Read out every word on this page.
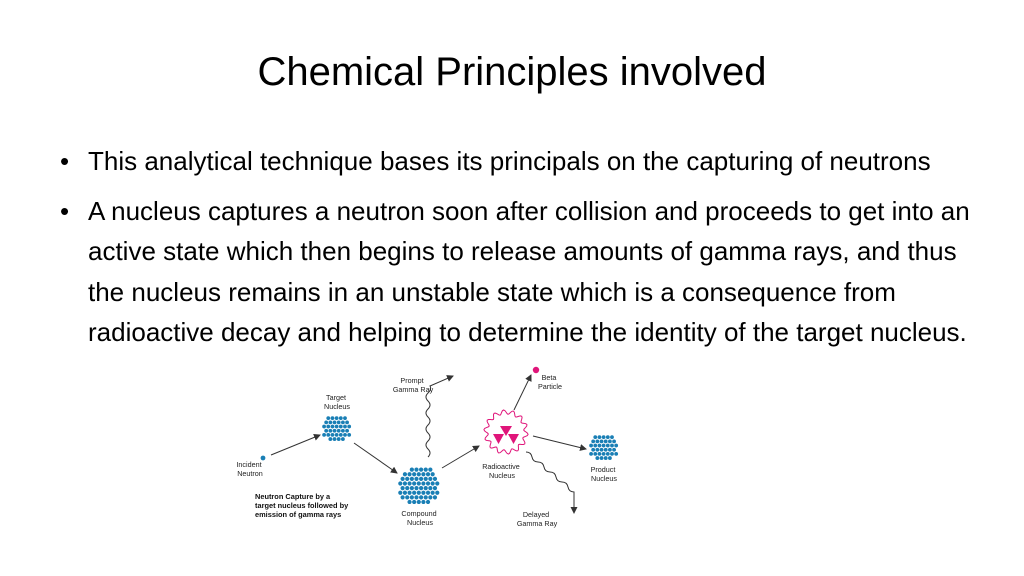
Chemical Principles involved
• This analytical technique bases its principals on the capturing of neutrons
• A nucleus captures a neutron soon after collision and proceeds to get into an active state which then begins to release amounts of gamma rays, and thus the nucleus remains in an unstable state which is a consequence from radioactive decay and helping to determine the identity of the target nucleus.
Incident Neutron
Target Nucleus
Prompt Gamma Ray
Compound Nucleus
Radioactive Nucleus
Beta Particle
Product Nucleus
Delayed Gamma Ray
Neutron Capture by a target nucleus followed by emission of gamma rays
